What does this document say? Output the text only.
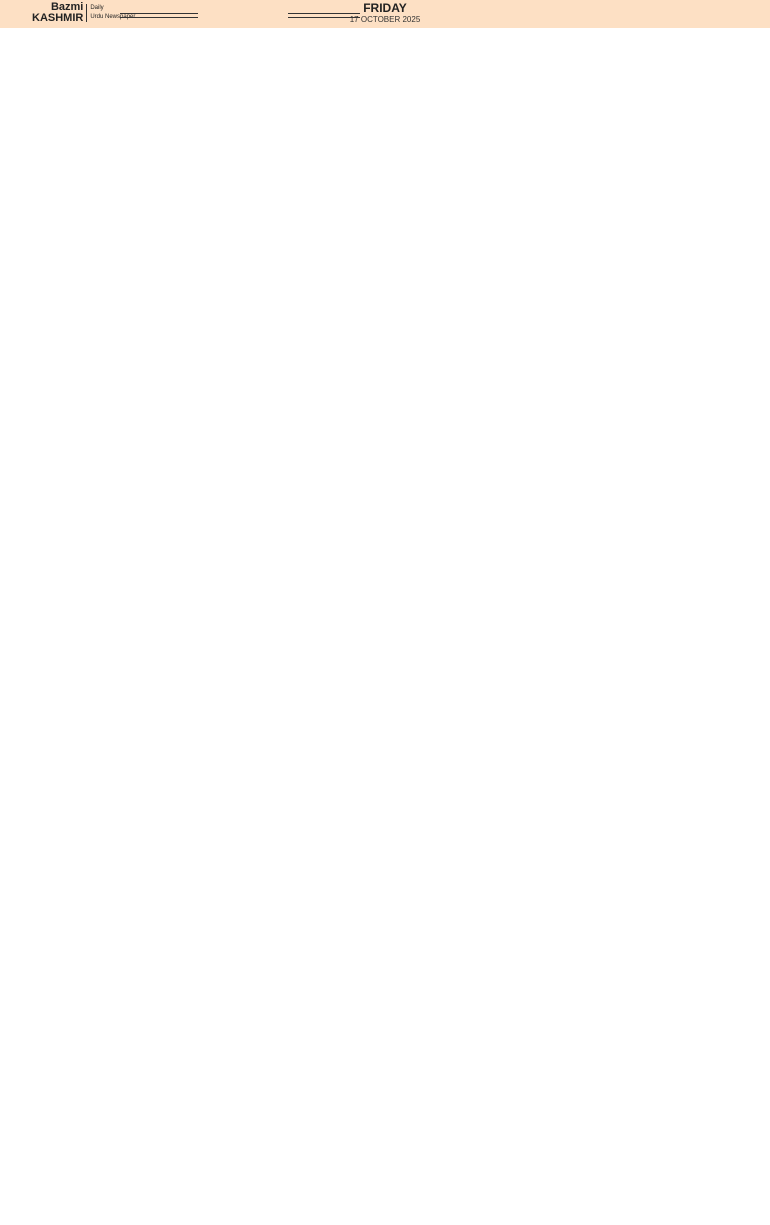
Bazmi
KASHMIR
Daily
Urdu Newspaper
FRIDAY
17 OCTOBER 2025
